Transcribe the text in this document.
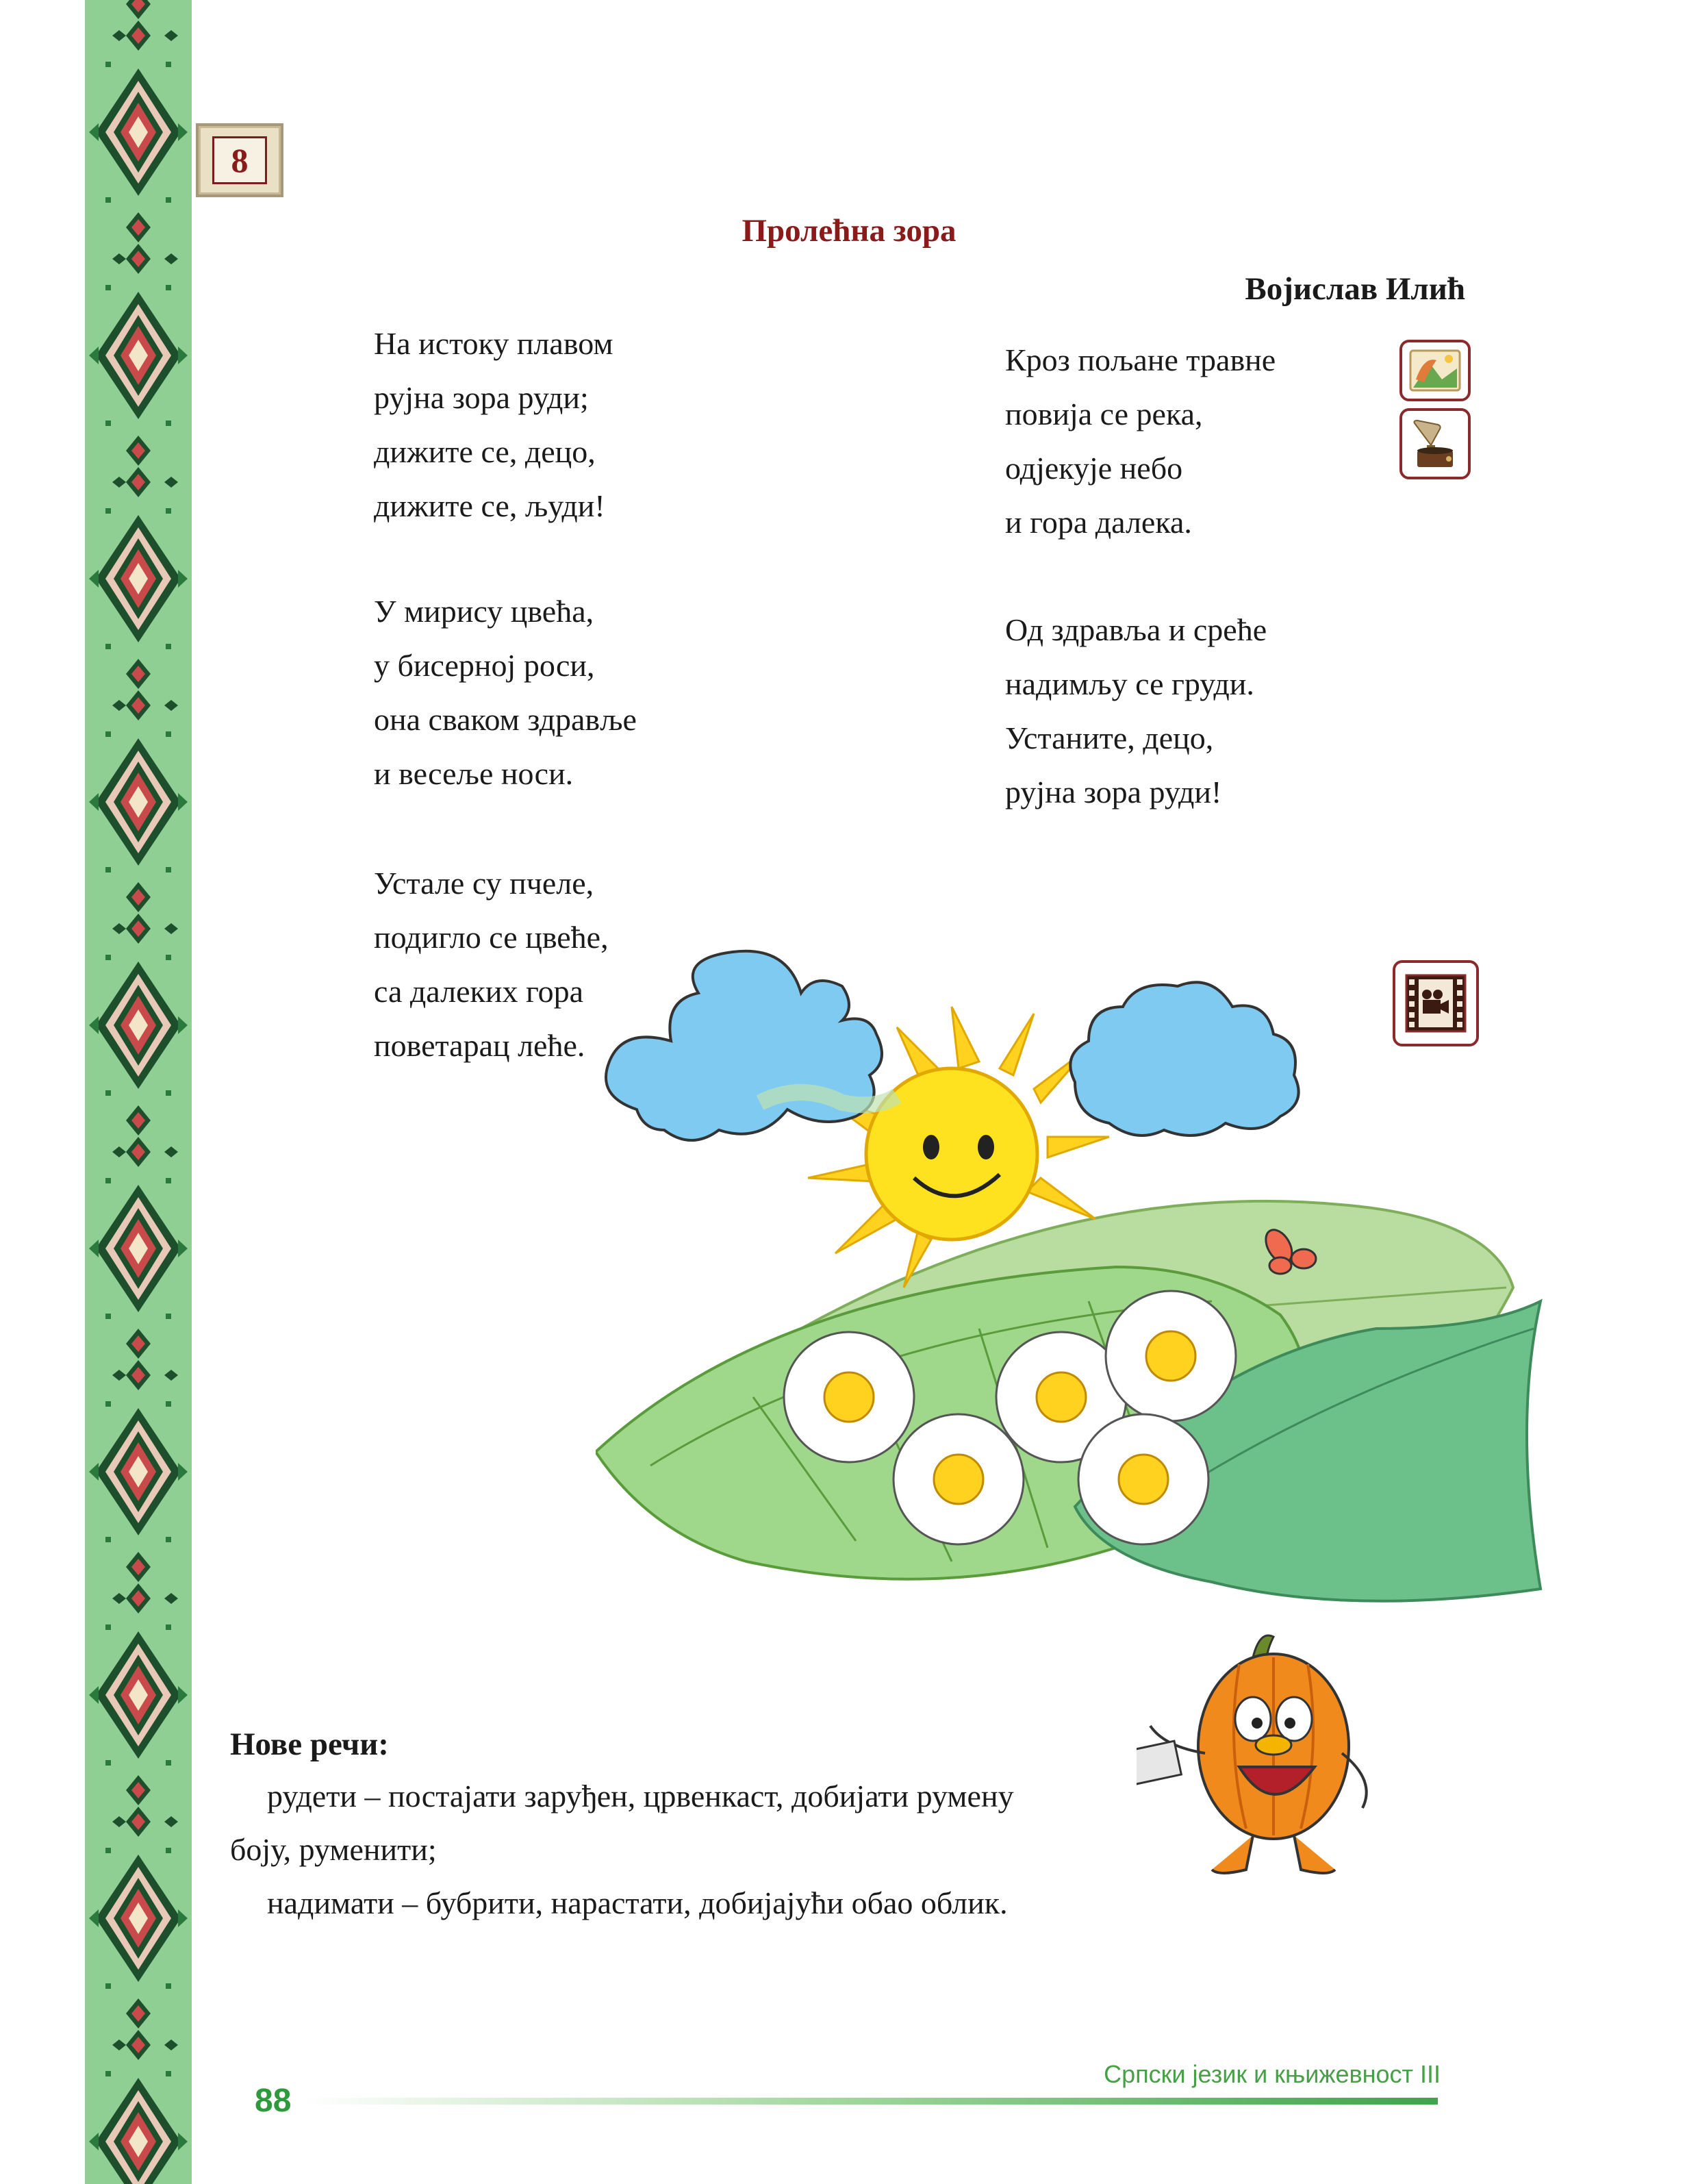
8
Пролећна зора
Војислав Илић
На истоку плавом
рујна зора руди;
дижите се, децо,
дижите се, људи!
У мирису цвећа,
у бисерној роси,
она сваком здравље
и весеље носи.
Устале су пчеле,
подигло се цвеће,
са далеких гора
поветарац леће.
Кроз пољане травне
повија се река,
одјекује небо
и гора далека.
Од здравља и среће
надимљу се груди.
Устаните, децо,
рујна зора руди!
Нове речи:
рудети – постајати заруђен, црвенкаст, добијати румену
боју, руменити;
надимати – бубрити, нарастати, добијајући обао облик.
Српски језик и књижевност III
88
